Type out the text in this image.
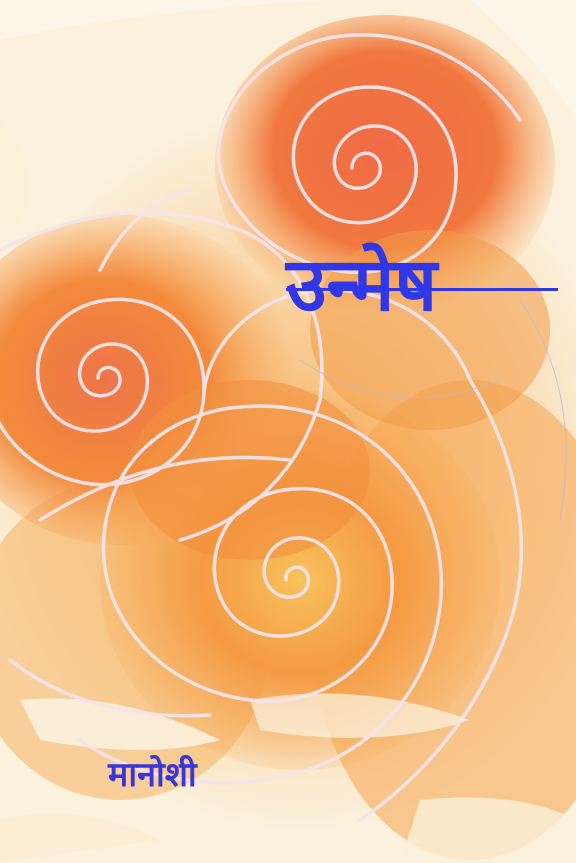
उन्मेष
मानोशी
